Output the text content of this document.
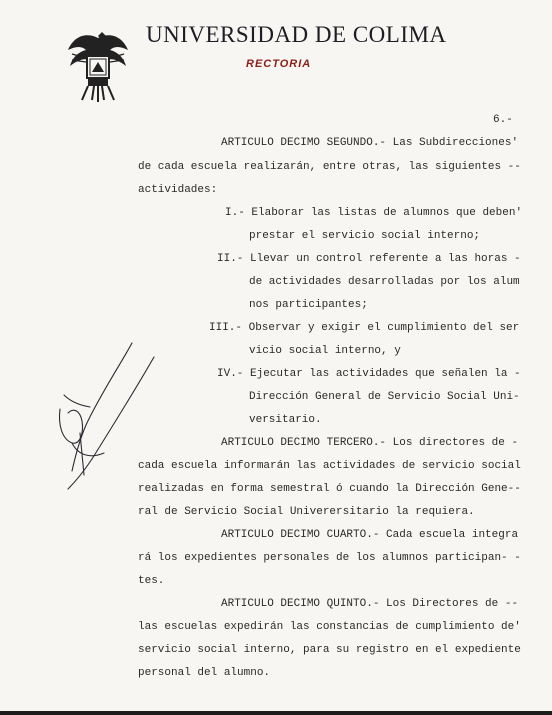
UNIVERSIDAD DE COLIMA
RECTORIA
6.-
ARTICULO DECIMO SEGUNDO.- Las Subdirecciones'
de cada escuela realizarán, entre otras, las siguientes --
actividades:
I.- Elaborar las listas de alumnos que deben'
prestar el servicio social interno;
II.- Llevar un control referente a las horas -
de actividades desarrolladas por los alum
nos participantes;
III.- Observar y exigir el cumplimiento del ser
vicio social interno, y
IV.- Ejecutar las actividades que señalen la -
Dirección General de Servicio Social Uni-
versitario.
ARTICULO DECIMO TERCERO.- Los directores de -
cada escuela informarán las actividades de servicio social
realizadas en forma semestral ó cuando la Dirección Gene--
ral de Servicio Social Univerersitario la requiera.
ARTICULO DECIMO CUARTO.- Cada escuela integra
rá los expedientes personales de los alumnos participan- -
tes.
ARTICULO DECIMO QUINTO.- Los Directores de --
las escuelas expedirán las constancias de cumplimiento de'
servicio social interno, para su registro en el expediente
personal del alumno.
